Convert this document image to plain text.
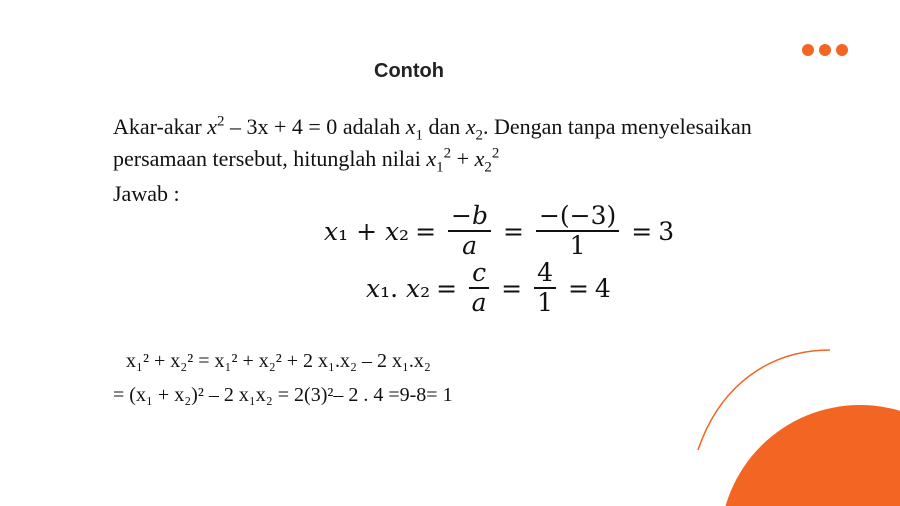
Contoh
Akar-akar $x^2 - 3x + 4 = 0$ adalah $x_1$ dan $x_2$. Dengan tanpa menyelesaikan
persamaan tersebut, hitunglah nilai $x_1^2 + x_2^2$
Jawab :
𝑥₁ + 𝑥₂ = $\frac{\text{−𝑏}}{\text{𝑎}} = \frac{-(-3)}{1} = 3$
𝑥₁. 𝑥₂ = $\frac{\text{𝑐}}{\text{𝑎}} = \frac{4}{1} = 4$
x₁² + x₂² = x₁² + x₂² + 2 x₁.x₂ – 2 x₁.x₂
= (x₁ + x₂)² – 2 x₁x₂ = 2(3)²– 2 . 4 =9-8= 1
